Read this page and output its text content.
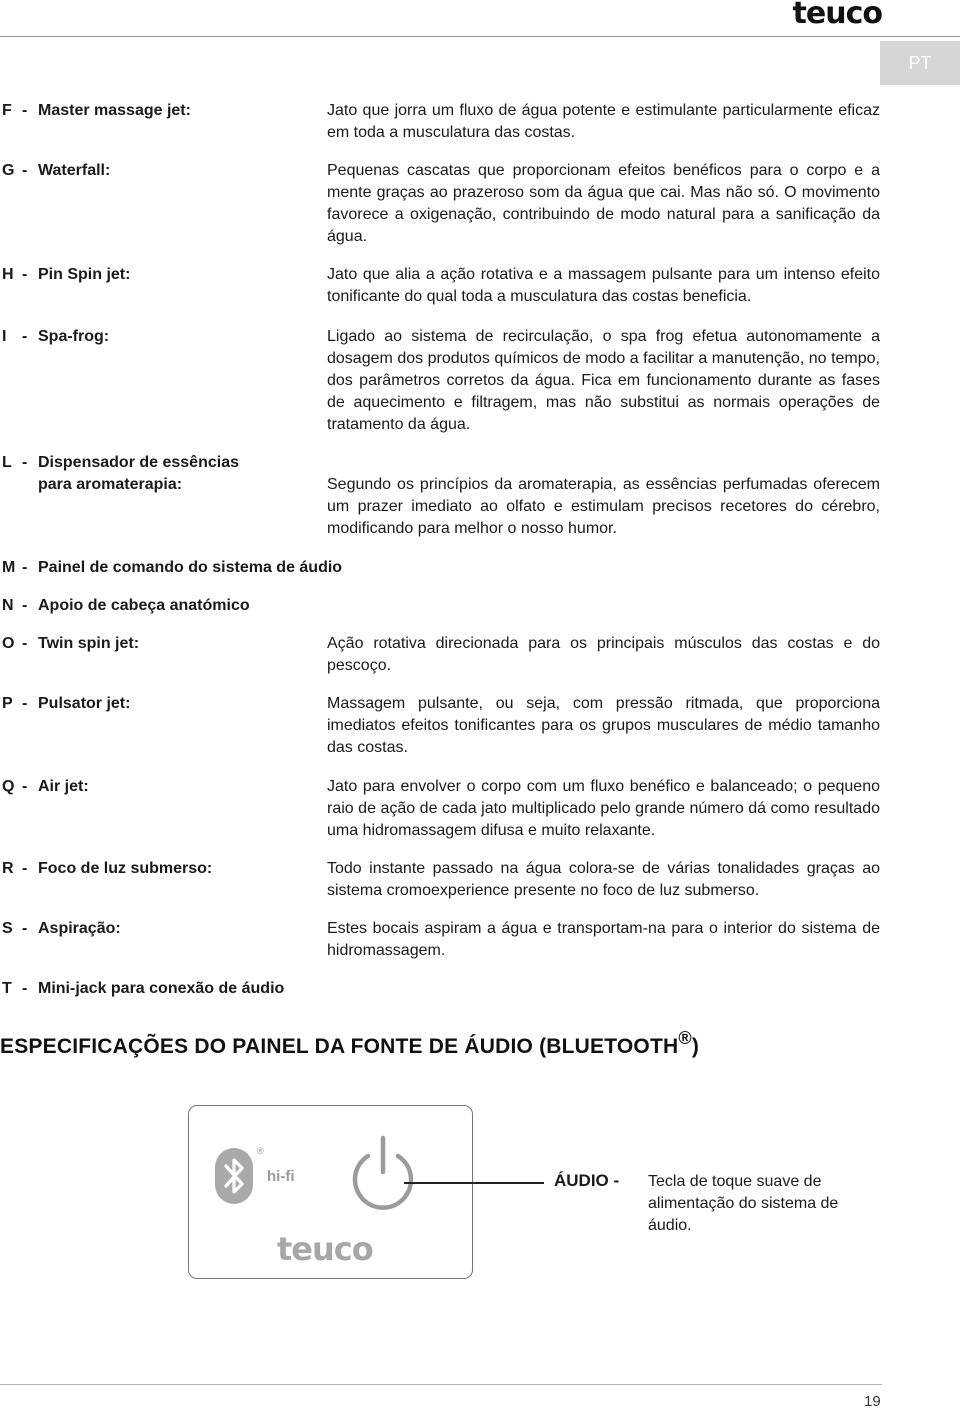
teuco
PT
F - Master massage jet:	Jato que jorra um fluxo de água potente e estimulante particularmente eficaz em toda a musculatura das costas.
G - Waterfall:	Pequenas cascatas que proporcionam efeitos benéficos para o corpo e a mente graças ao prazeroso som da água que cai. Mas não só. O movimento favorece a oxigenação, contribuindo de modo natural para a sanificação da água.
H - Pin Spin jet:	Jato que alia a ação rotativa e a massagem pulsante para um intenso efeito tonificante do qual toda a musculatura das costas beneficia.
I - Spa-frog:	Ligado ao sistema de recirculação, o spa frog efetua autonomamente a dosagem dos produtos químicos de modo a facilitar a manutenção, no tempo, dos parâmetros corretos da água. Fica em funcionamento durante as fases de aquecimento e filtragem, mas não substitui as normais operações de tratamento da água.
L - Dispensador de essências
para aromaterapia:	Segundo os princípios da aromaterapia, as essências perfumadas oferecem um prazer imediato ao olfato e estimulam precisos recetores do cérebro, modificando para melhor o nosso humor.
M - Painel de comando do sistema de áudio
N - Apoio de cabeça anatómico
O - Twin spin jet:	Ação rotativa direcionada para os principais músculos das costas e do pescoço.
P - Pulsator jet:	Massagem pulsante, ou seja, com pressão ritmada, que proporciona imediatos efeitos tonificantes para os grupos musculares de médio tamanho das costas.
Q - Air jet:	Jato para envolver o corpo com um fluxo benéfico e balanceado; o pequeno raio de ação de cada jato multiplicado pelo grande número dá como resultado uma hidromassagem difusa e muito relaxante.
R - Foco de luz submerso:	Todo instante passado na água colora-se de várias tonalidades graças ao sistema cromoexperience presente no foco de luz submerso.
S - Aspiração:	Estes bocais aspiram a água e transportam-na para o interior do sistema de hidromassagem.
T - Mini-jack para conexão de áudio
ESPECIFICAÇÕES DO PAINEL DA FONTE DE ÁUDIO (BLUETOOTH®)
®
hi-fi
teuco
ÁUDIO - Tecla de toque suave de alimentação do sistema de áudio.
19
